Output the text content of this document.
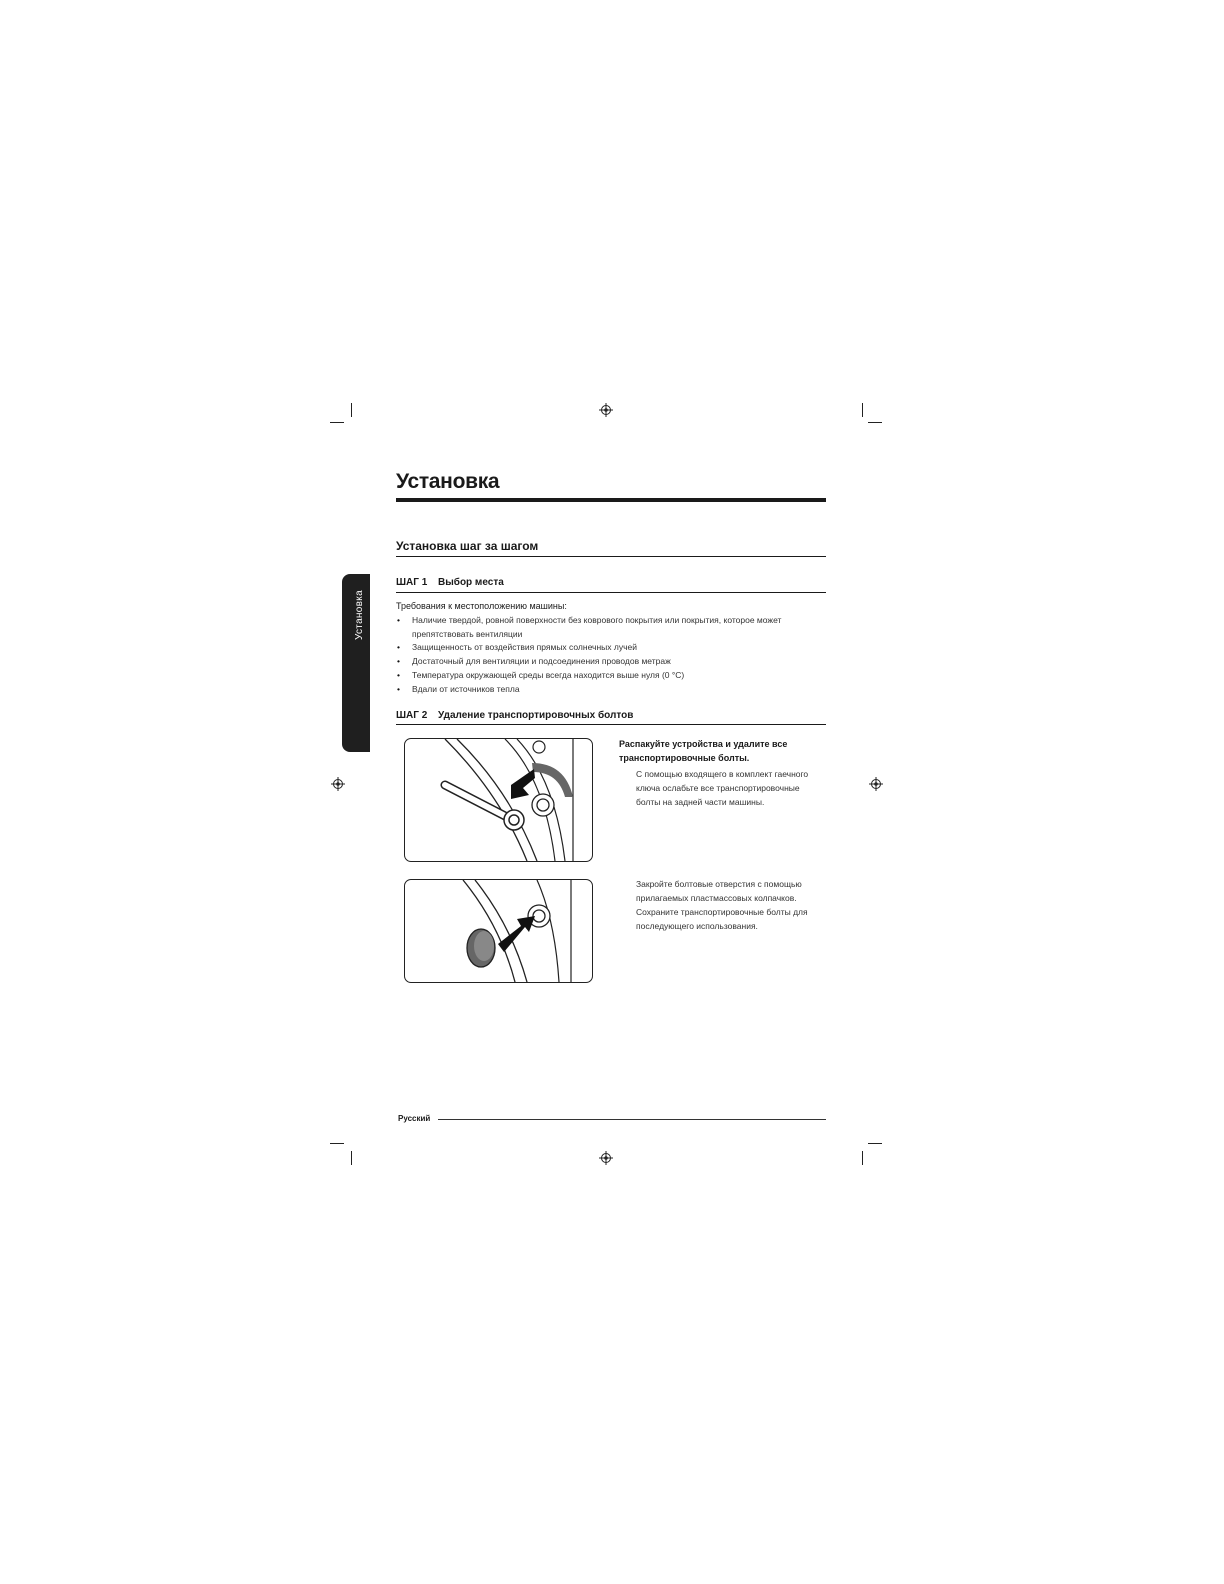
Установка
Установка
Установка шаг за шагом
ШАГ 1 Выбор места

Требования к местоположению машины:

• Наличие твердой, ровной поверхности без коврового покрытия или покрытия, которое может препятствовать вентиляции
• Защищенность от воздействия прямых солнечных лучей
• Достаточный для вентиляции и подсоединения проводов метраж
• Температура окружающей среды всегда находится выше нуля (0 °C)
• Вдали от источников тепла
ШАГ 2 Удаление транспортировочных болтов

Распакуйте устройства и удалите все транспортировочные болты.

С помощью входящего в комплект гаечного ключа ослабьте все транспортировочные болты на задней части машины.

Закройте болтовые отверстия с помощью прилагаемых пластмассовых колпачков. Сохраните транспортировочные болты для последующего использования.

Русский
